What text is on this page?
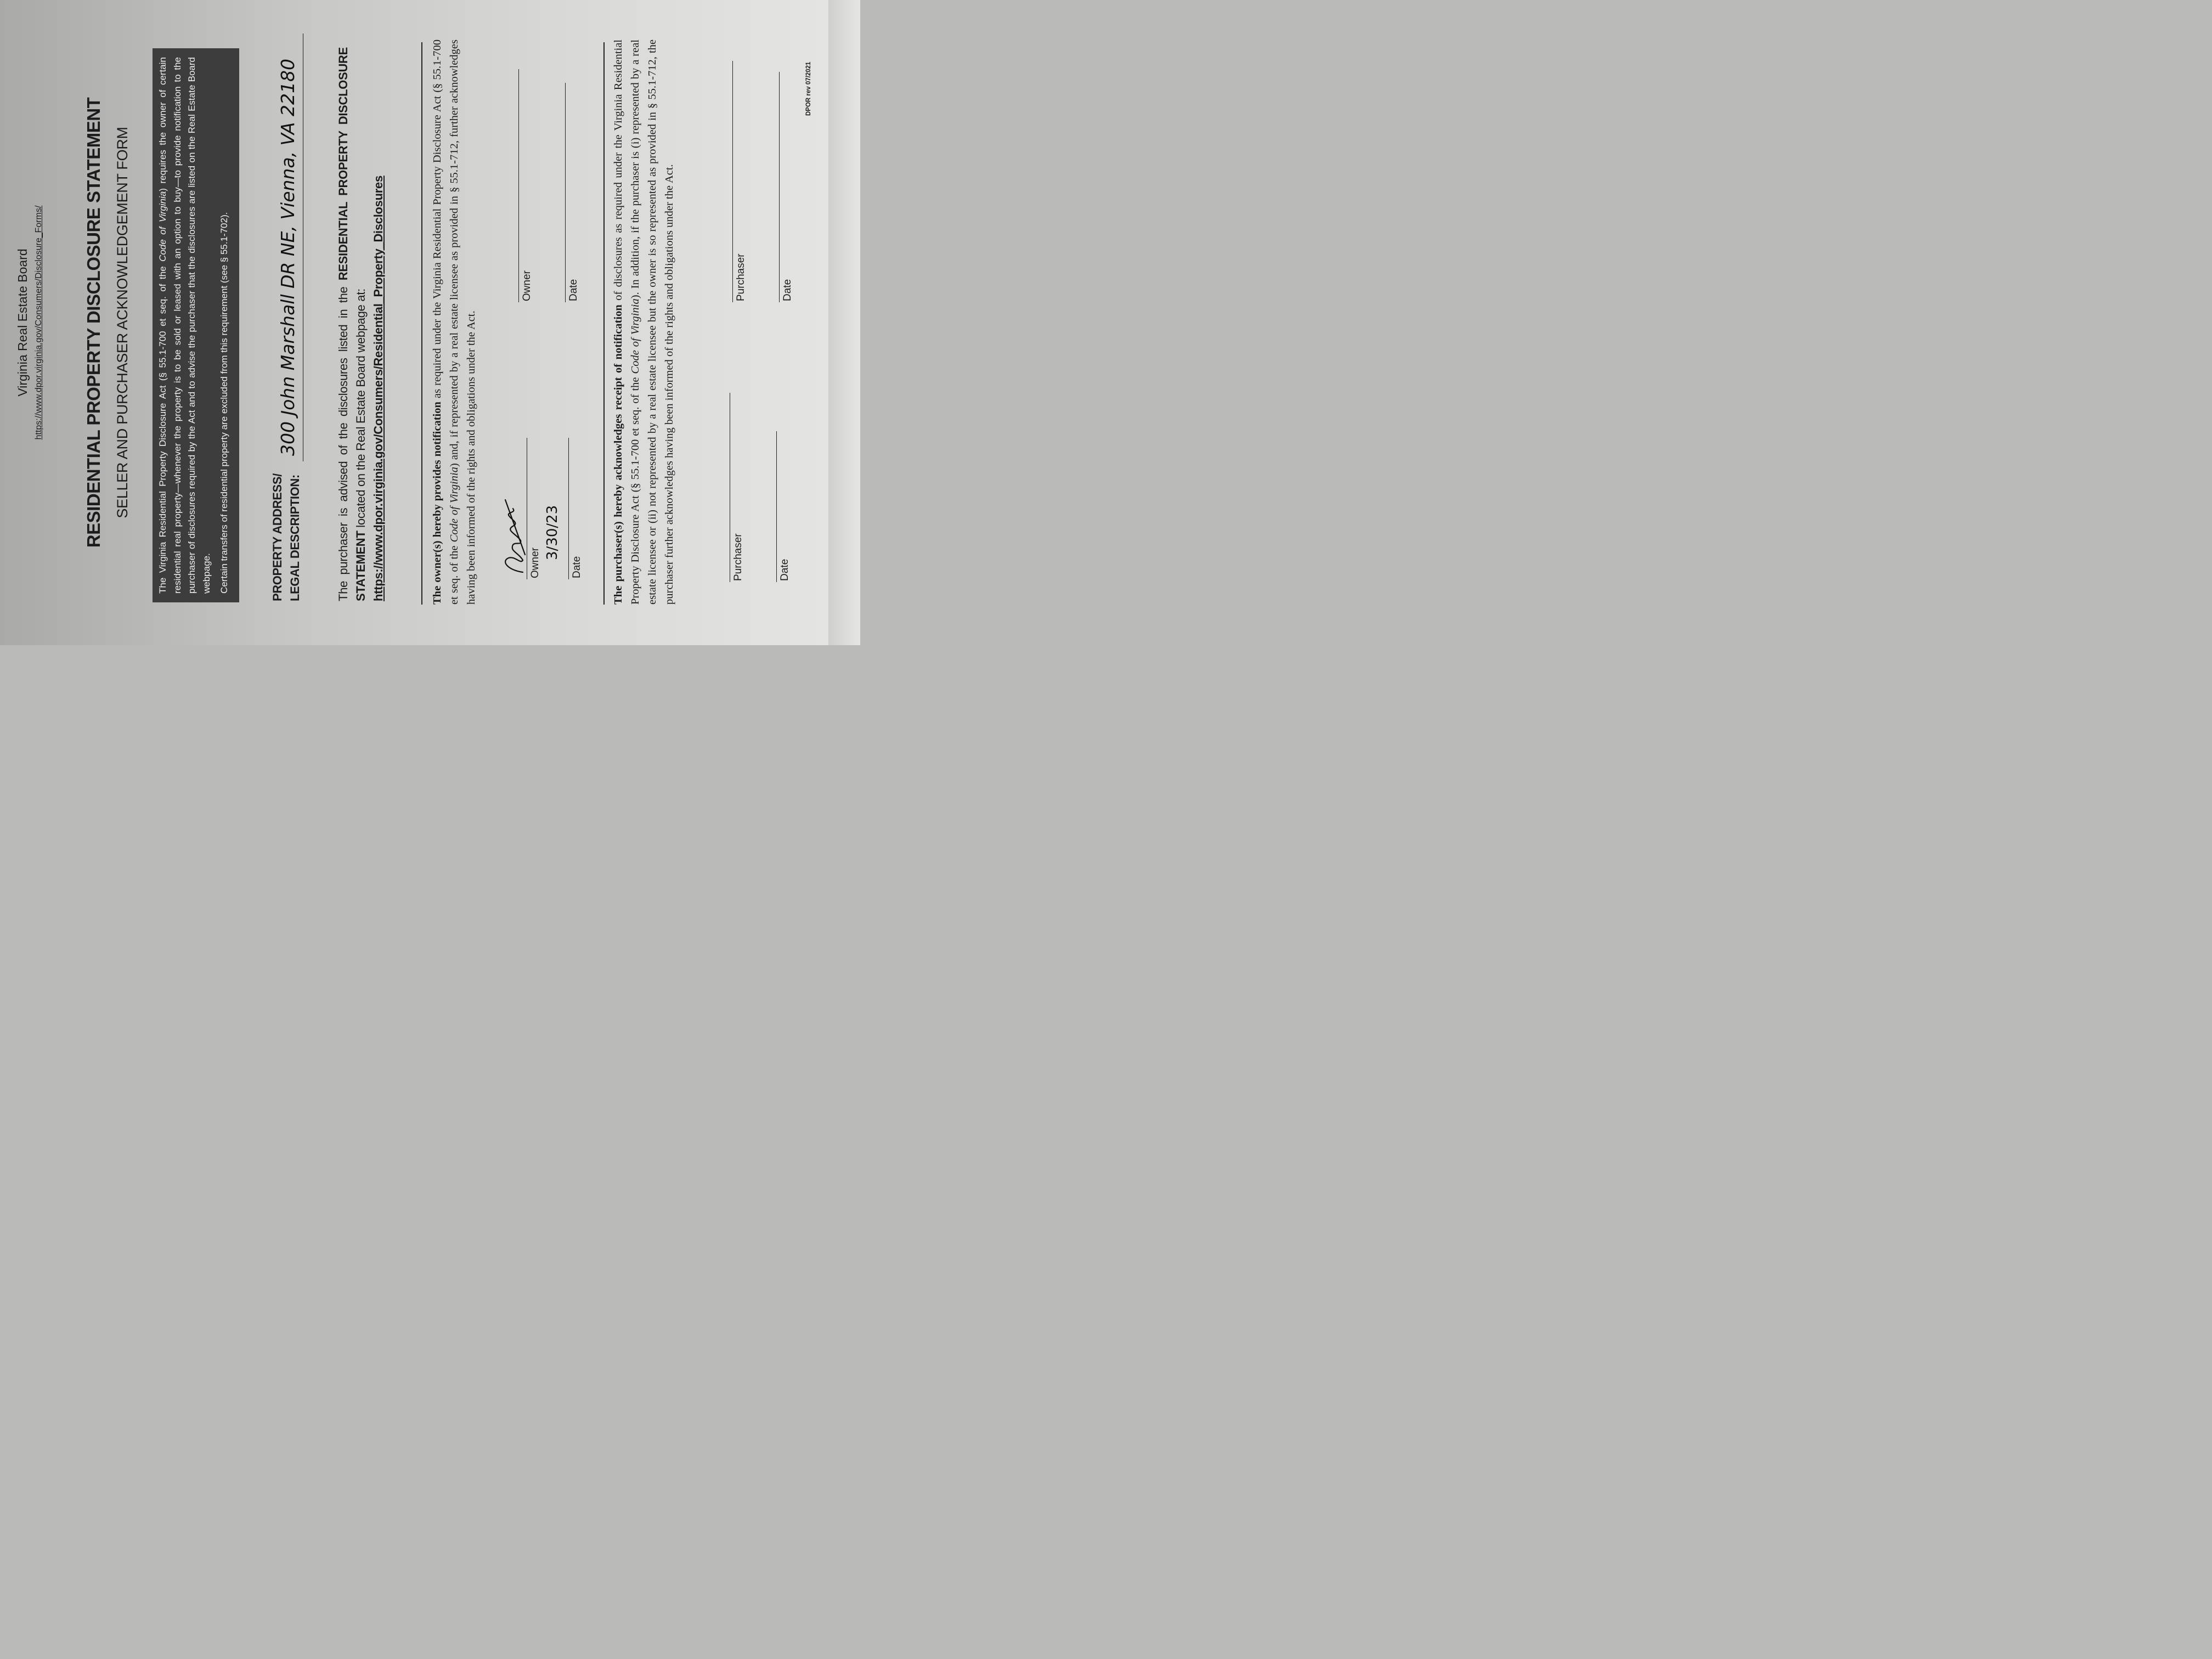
Virginia Real Estate Board https://www.dpor.virginia.gov/Consumers/Disclosure_Forms/ RESIDENTIAL PROPERTY DISCLOSURE STATEMENT SELLER AND PURCHASER ACKNOWLEDGEMENT FORM	The Virginia Residential Property Disclosure Act (§ 55.1-700 et seq. of the Code of Virginia) requires the owner of certain residential real property—whenever the property is to be sold or leased with an option to buy—to provide notification to the purchaser of disclosures required by the Act and to advise the purchaser that the disclosures are listed on the Real Estate Board webpage. Certain transfers of residential property are excluded from this requirement (see § 55.1-702).	PROPERTY ADDRESS/ LEGAL DESCRIPTION:
300 John Marshall DR NE, Vienna, VA 22180	The purchaser is advised of the disclosures listed in the RESIDENTIAL PROPERTY DISCLOSURE STATEMENT located on the Real Estate Board webpage at: https://www.dpor.virginia.gov/Consumers/Residential_Property_Disclosures	The owner(s) hereby provides notification as required under the Virginia Residential Property Disclosure Act (§ 55.1-700 et seq. of the Code of Virginia) and, if represented by a real estate licensee as provided in § 55.1-712, further acknowledges having been informed of the rights and obligations under the Act.	Owner
3/30/23
Date
Owner	Date
The purchaser(s) hereby acknowledges receipt of notification of disclosures as required under the Virginia Residential Property Disclosure Act (§ 55.1-700 et seq. of the Code of Virginia). In addition, if the purchaser is (i) represented by a real estate licensee or (ii) not represented by a real estate licensee but the owner is so represented as provided in § 55.1-712, the purchaser further acknowledges having been informed of the rights and obligations under the Act.	Purchaser	Date
Purchaser	Date
DPOR rev 07/2021
